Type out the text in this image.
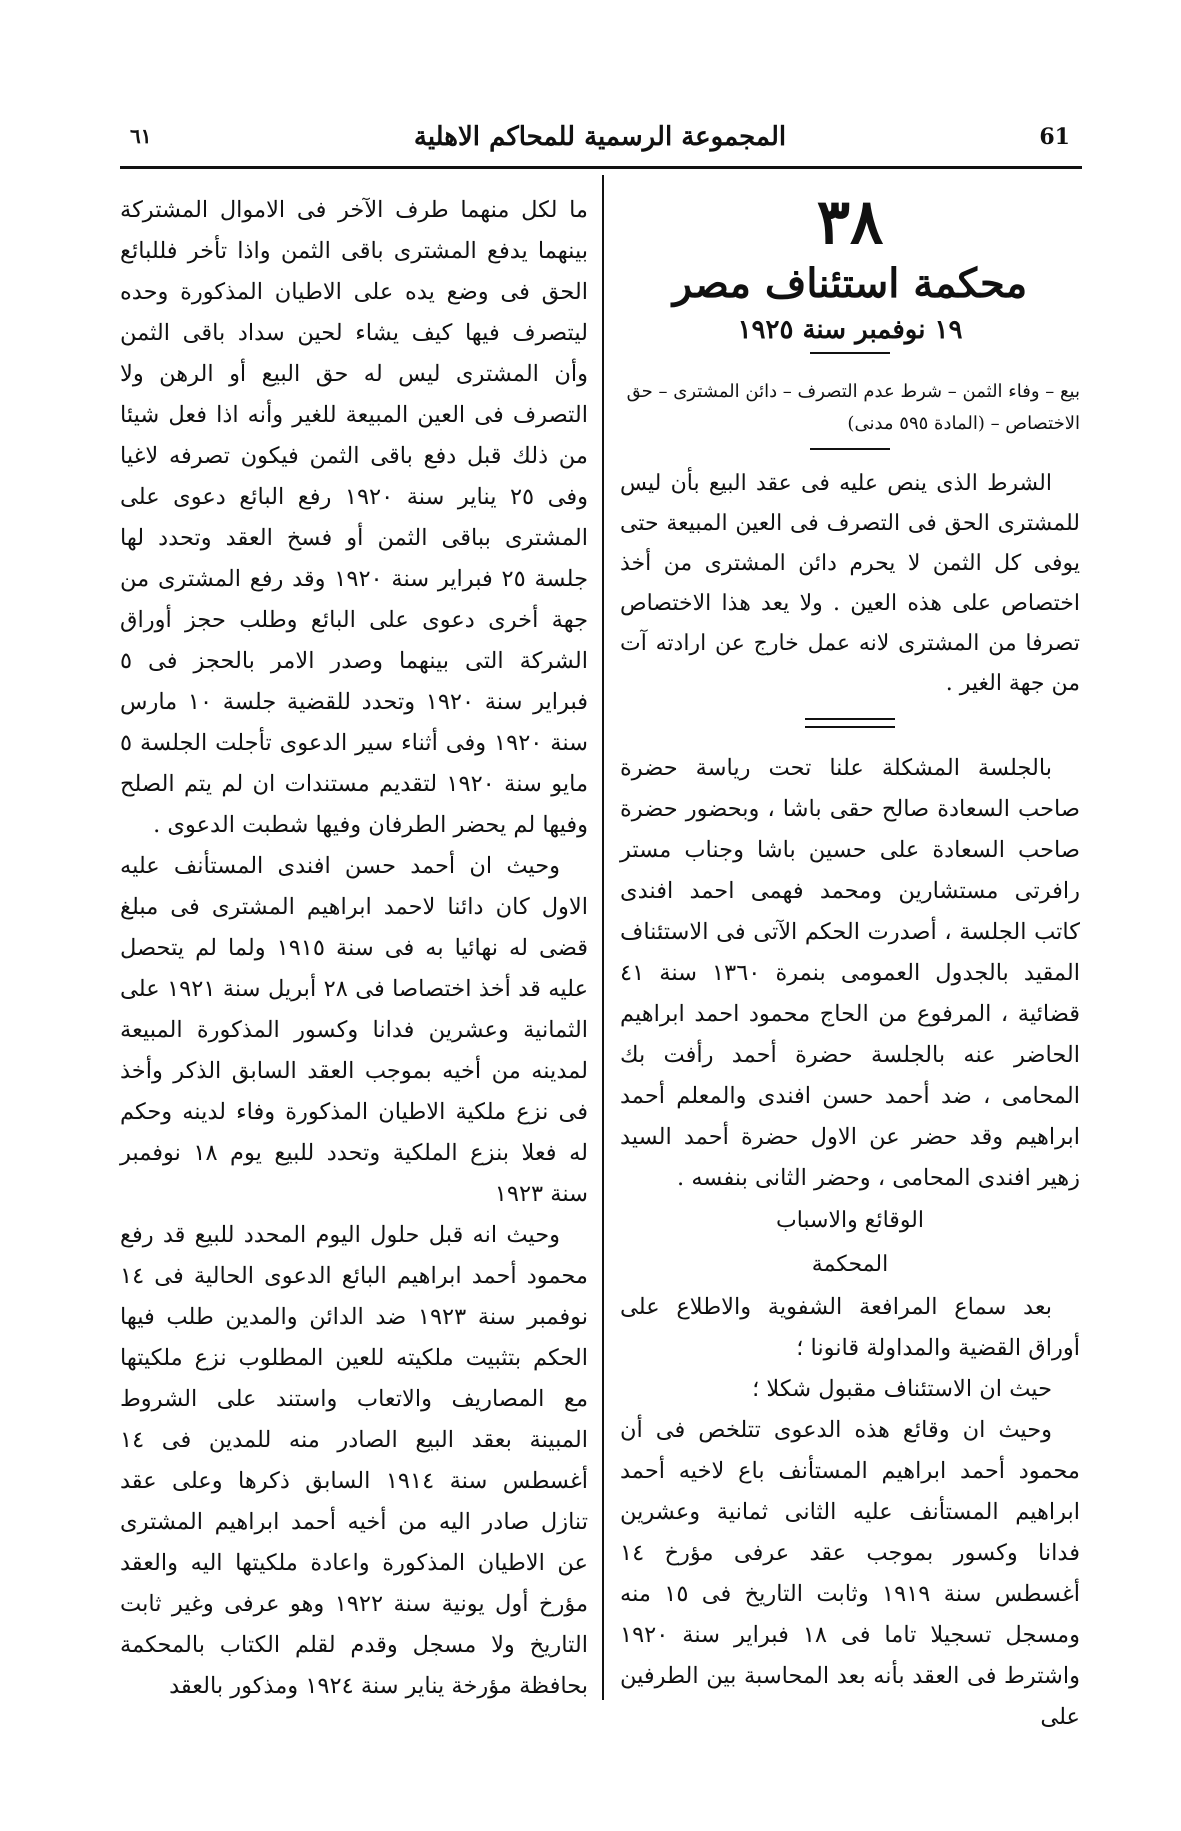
٦١	المجموعة الرسمية للمحاكم الاهلية	61
٣٨
محكمة استئناف مصر
١٩ نوفمبر سنة ١٩٢٥

بيع – وفاء الثمن – شرط عدم التصرف – دائن المشترى – حق الاختصاص – (المادة ٥٩٥ مدنى)

الشرط الذى ينص عليه فى عقد البيع بأن ليس للمشترى الحق فى التصرف فى العين المبيعة حتى يوفى كل الثمن لا يحرم دائن المشترى من أخذ اختصاص على هذه العين . ولا يعد هذا الاختصاص تصرفا من المشترى لانه عمل خارج عن ارادته آت من جهة الغير .

بالجلسة المشكلة علنا تحت رياسة حضرة صاحب السعادة صالح حقى باشا ، وبحضور حضرة صاحب السعادة على حسين باشا وجناب مستر رافرتى مستشارين ومحمد فهمى احمد افندى كاتب الجلسة ، أصدرت الحكم الآتى فى الاستئناف المقيد بالجدول العمومى بنمرة ١٣٦٠ سنة ٤١ قضائية ، المرفوع من الحاج محمود احمد ابراهيم الحاضر عنه بالجلسة حضرة أحمد رأفت بك المحامى ، ضد أحمد حسن افندى والمعلم أحمد ابراهيم وقد حضر عن الاول حضرة أحمد السيد زهير افندى المحامى ، وحضر الثانى بنفسه .

الوقائع والاسباب
المحكمة

بعد سماع المرافعة الشفوية والاطلاع على أوراق القضية والمداولة قانونا ؛

حيث ان الاستئناف مقبول شكلا ؛

وحيث ان وقائع هذه الدعوى تتلخص فى أن محمود أحمد ابراهيم المستأنف باع لاخيه أحمد ابراهيم المستأنف عليه الثانى ثمانية وعشرين فدانا وكسور بموجب عقد عرفى مؤرخ ١٤ أغسطس سنة ١٩١٩ وثابت التاريخ فى ١٥ منه ومسجل تسجيلا تاما فى ١٨ فبراير سنة ١٩٢٠ واشترط فى العقد بأنه بعد المحاسبة بين الطرفين على

ما لكل منهما طرف الآخر فى الاموال المشتركة بينهما يدفع المشترى باقى الثمن واذا تأخر فللبائع الحق فى وضع يده على الاطيان المذكورة وحده ليتصرف فيها كيف يشاء لحين سداد باقى الثمن وأن المشترى ليس له حق البيع أو الرهن ولا التصرف فى العين المبيعة للغير وأنه اذا فعل شيئا من ذلك قبل دفع باقى الثمن فيكون تصرفه لاغيا وفى ٢٥ يناير سنة ١٩٢٠ رفع البائع دعوى على المشترى بباقى الثمن أو فسخ العقد وتحدد لها جلسة ٢٥ فبراير سنة ١٩٢٠ وقد رفع المشترى من جهة أخرى دعوى على البائع وطلب حجز أوراق الشركة التى بينهما وصدر الامر بالحجز فى ٥ فبراير سنة ١٩٢٠ وتحدد للقضية جلسة ١٠ مارس سنة ١٩٢٠ وفى أثناء سير الدعوى تأجلت الجلسة ٥ مايو سنة ١٩٢٠ لتقديم مستندات ان لم يتم الصلح وفيها لم يحضر الطرفان وفيها شطبت الدعوى .

وحيث ان أحمد حسن افندى المستأنف عليه الاول كان دائنا لاحمد ابراهيم المشترى فى مبلغ قضى له نهائيا به فى سنة ١٩١٥ ولما لم يتحصل عليه قد أخذ اختصاصا فى ٢٨ أبريل سنة ١٩٢١ على الثمانية وعشرين فدانا وكسور المذكورة المبيعة لمدينه من أخيه بموجب العقد السابق الذكر وأخذ فى نزع ملكية الاطيان المذكورة وفاء لدينه وحكم له فعلا بنزع الملكية وتحدد للبيع يوم ١٨ نوفمبر سنة ١٩٢٣

وحيث انه قبل حلول اليوم المحدد للبيع قد رفع محمود أحمد ابراهيم البائع الدعوى الحالية فى ١٤ نوفمبر سنة ١٩٢٣ ضد الدائن والمدين طلب فيها الحكم بتثبيت ملكيته للعين المطلوب نزع ملكيتها مع المصاريف والاتعاب واستند على الشروط المبينة بعقد البيع الصادر منه للمدين فى ١٤ أغسطس سنة ١٩١٤ السابق ذكرها وعلى عقد تنازل صادر اليه من أخيه أحمد ابراهيم المشترى عن الاطيان المذكورة واعادة ملكيتها اليه والعقد مؤرخ أول يونية سنة ١٩٢٢ وهو عرفى وغير ثابت التاريخ ولا مسجل وقدم لقلم الكتاب بالمحكمة بحافظة مؤرخة يناير سنة ١٩٢٤ ومذكور بالعقد
